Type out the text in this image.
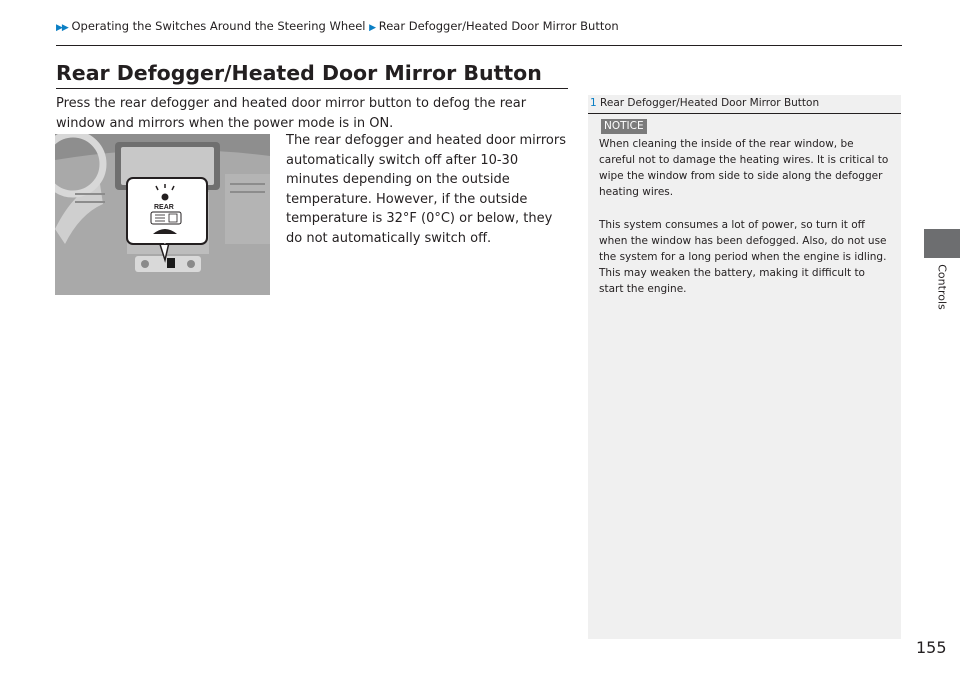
▶▶ Operating the Switches Around the Steering Wheel ▶ Rear Defogger/Heated Door Mirror Button
Controls
Rear Defogger/Heated Door Mirror Button

Press the rear defogger and heated door mirror button to defog the rear window and mirrors when the power mode is in ON.

REAR

The rear defogger and heated door mirrors automatically switch off after 10-30 minutes depending on the outside temperature. However, if the outside temperature is 32°F (0°C) or below, they do not automatically switch off.

1 Rear Defogger/Heated Door Mirror Button
NOTICE

When cleaning the inside of the rear window, be careful not to damage the heating wires. It is critical to wipe the window from side to side along the defogger heating wires.

This system consumes a lot of power, so turn it off when the window has been defogged. Also, do not use the system for a long period when the engine is idling. This may weaken the battery, making it difficult to start the engine.

155
